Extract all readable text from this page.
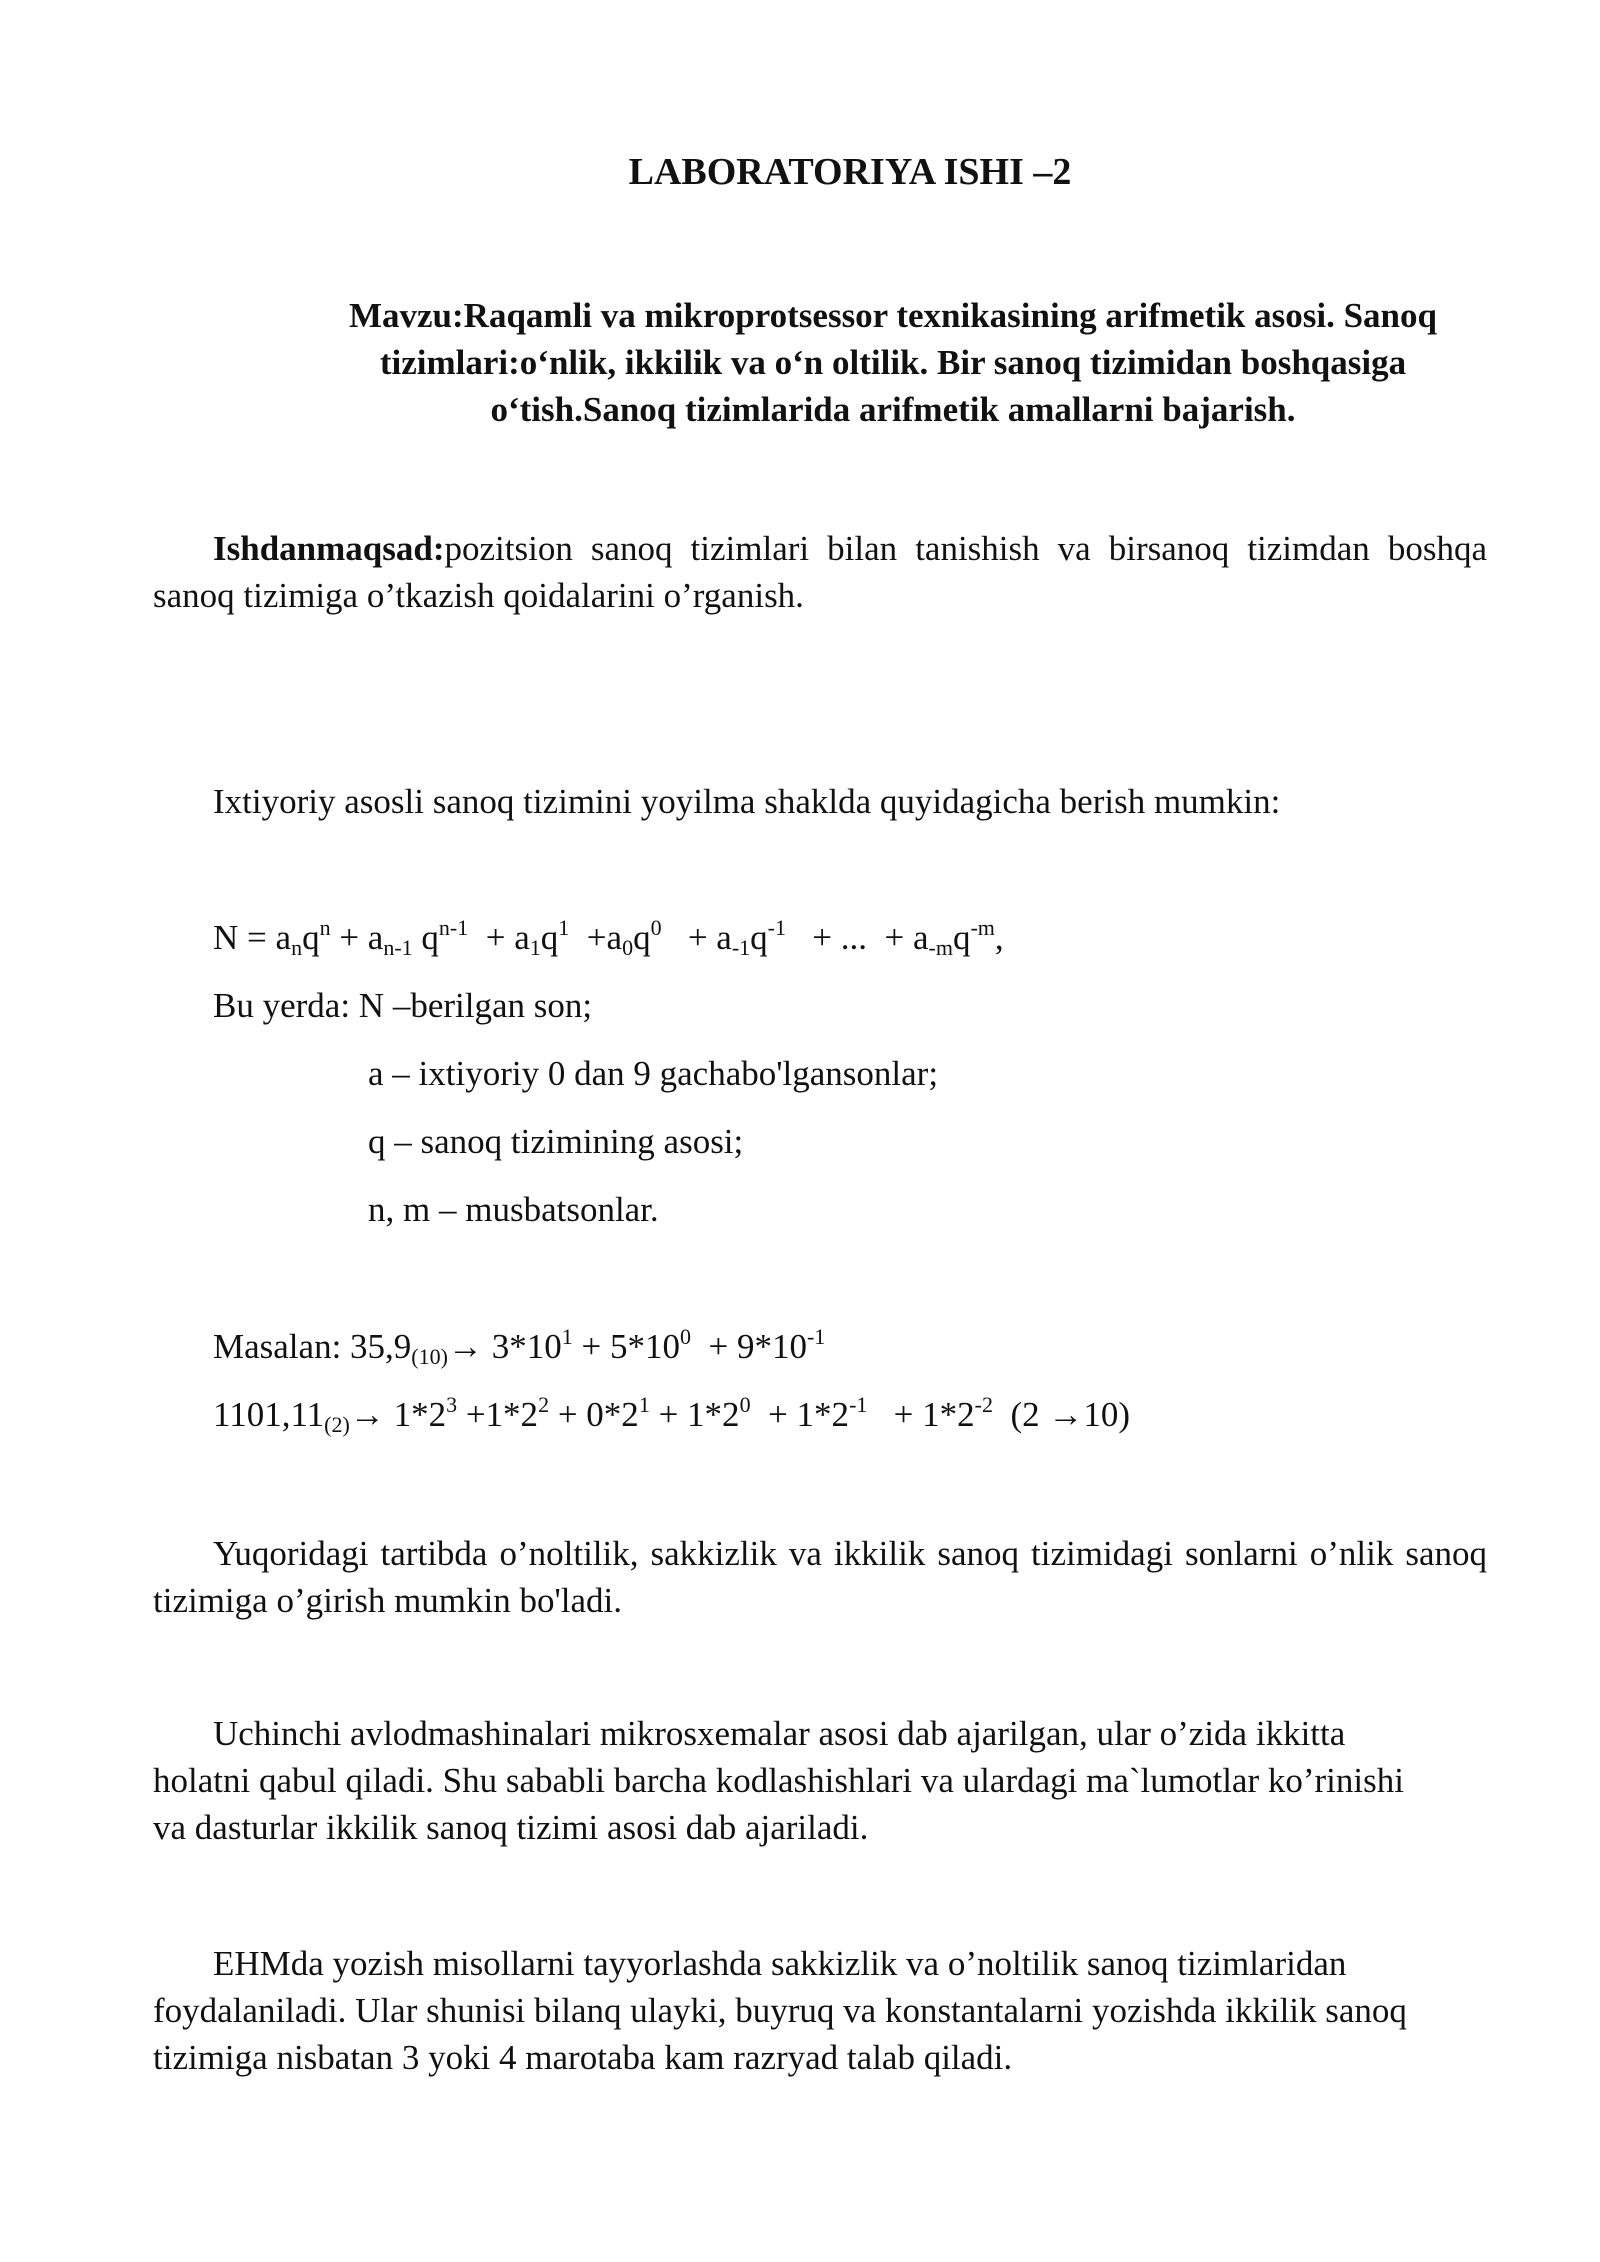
LABORATORIYA ISHI –2
Mavzu:Raqamli va mikroprotsessor texnikasining arifmetik asosi. Sanoq tizimlari:o‘nlik, ikkilik va o‘n oltilik. Bir sanoq tizimidan boshqasiga o‘tish.Sanoq tizimlarida arifmetik amallarni bajarish.
Ishdanmaqsad:pozitsion sanoq tizimlari bilan tanishish va birsanoq tizimdan boshqa sanoq tizimiga o’tkazish qoidalarini o’rganish.
Ixtiyoriy asosli sanoq tizimini yoyilma shaklda quyidagicha berish mumkin:
$N = a_nq^n + a_{n-1}$ $q^{n-1} + a_1q^1 +a_0q^0 + a_{-1}q^{-1}$   + ...  + $a_{-m}q^{-m}$,
Bu yerda: N –berilgan son;
a – ixtiyoriy 0 dan 9 gachabo'lgansonlar;
q – sanoq tizimining asosi;
n, m – musbatsonlar.
Masalan: $35,9_{(10)}\to 3*10^1 + 5*10^0 + 9*10^{-1}$
$1101,11_{(2)}\to 1*2^3 +1*2^2 + 0*2^1 + 1*2^0 + 1*2^{-1} + 1*2^{-2}$  (2 →10)
Yuqoridagi tartibda o’noltilik, sakkizlik va ikkilik sanoq tizimidagi sonlarni o’nlik sanoq tizimiga o’girish mumkin bo'ladi.
Uchinchi avlodmashinalari mikrosxemalar asosi dab ajarilgan, ular o’zida ikkitta holatni qabul qiladi. Shu sababli barcha kodlashishlari va ulardagi ma`lumotlar ko’rinishi va dasturlar ikkilik sanoq tizimi asosi dab ajariladi.
EHMda yozish misollarni tayyorlashda sakkizlik va o’noltilik sanoq tizimlaridan foydalaniladi. Ular shunisi bilanq ulayki, buyruq va konstantalarni yozishda ikkilik sanoq tizimiga nisbatan 3 yoki 4 marotaba kam razryad talab qiladi.
